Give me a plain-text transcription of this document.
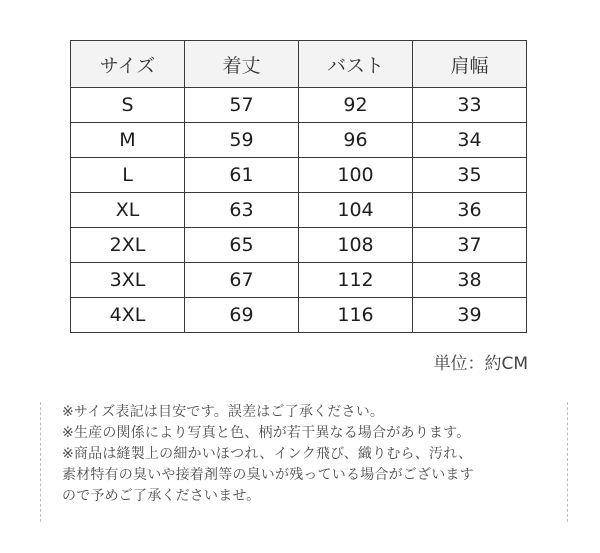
サイズ	着丈	バスト	肩幅
S	57	92	33
M	59	96	34
L	61	100	35
XL	63	104	36
2XL	65	108	37
3XL	67	112	38
4XL	69	116	39
単位：約CM
※サイズ表記は目安です。誤差はご了承ください。
※生産の関係により写真と色、柄が若干異なる場合があります。
※商品は縫製上の細かいほつれ、インク飛び、織りむら、汚れ、
素材特有の臭いや接着剤等の臭いが残っている場合がございます
ので予めご了承くださいませ。
